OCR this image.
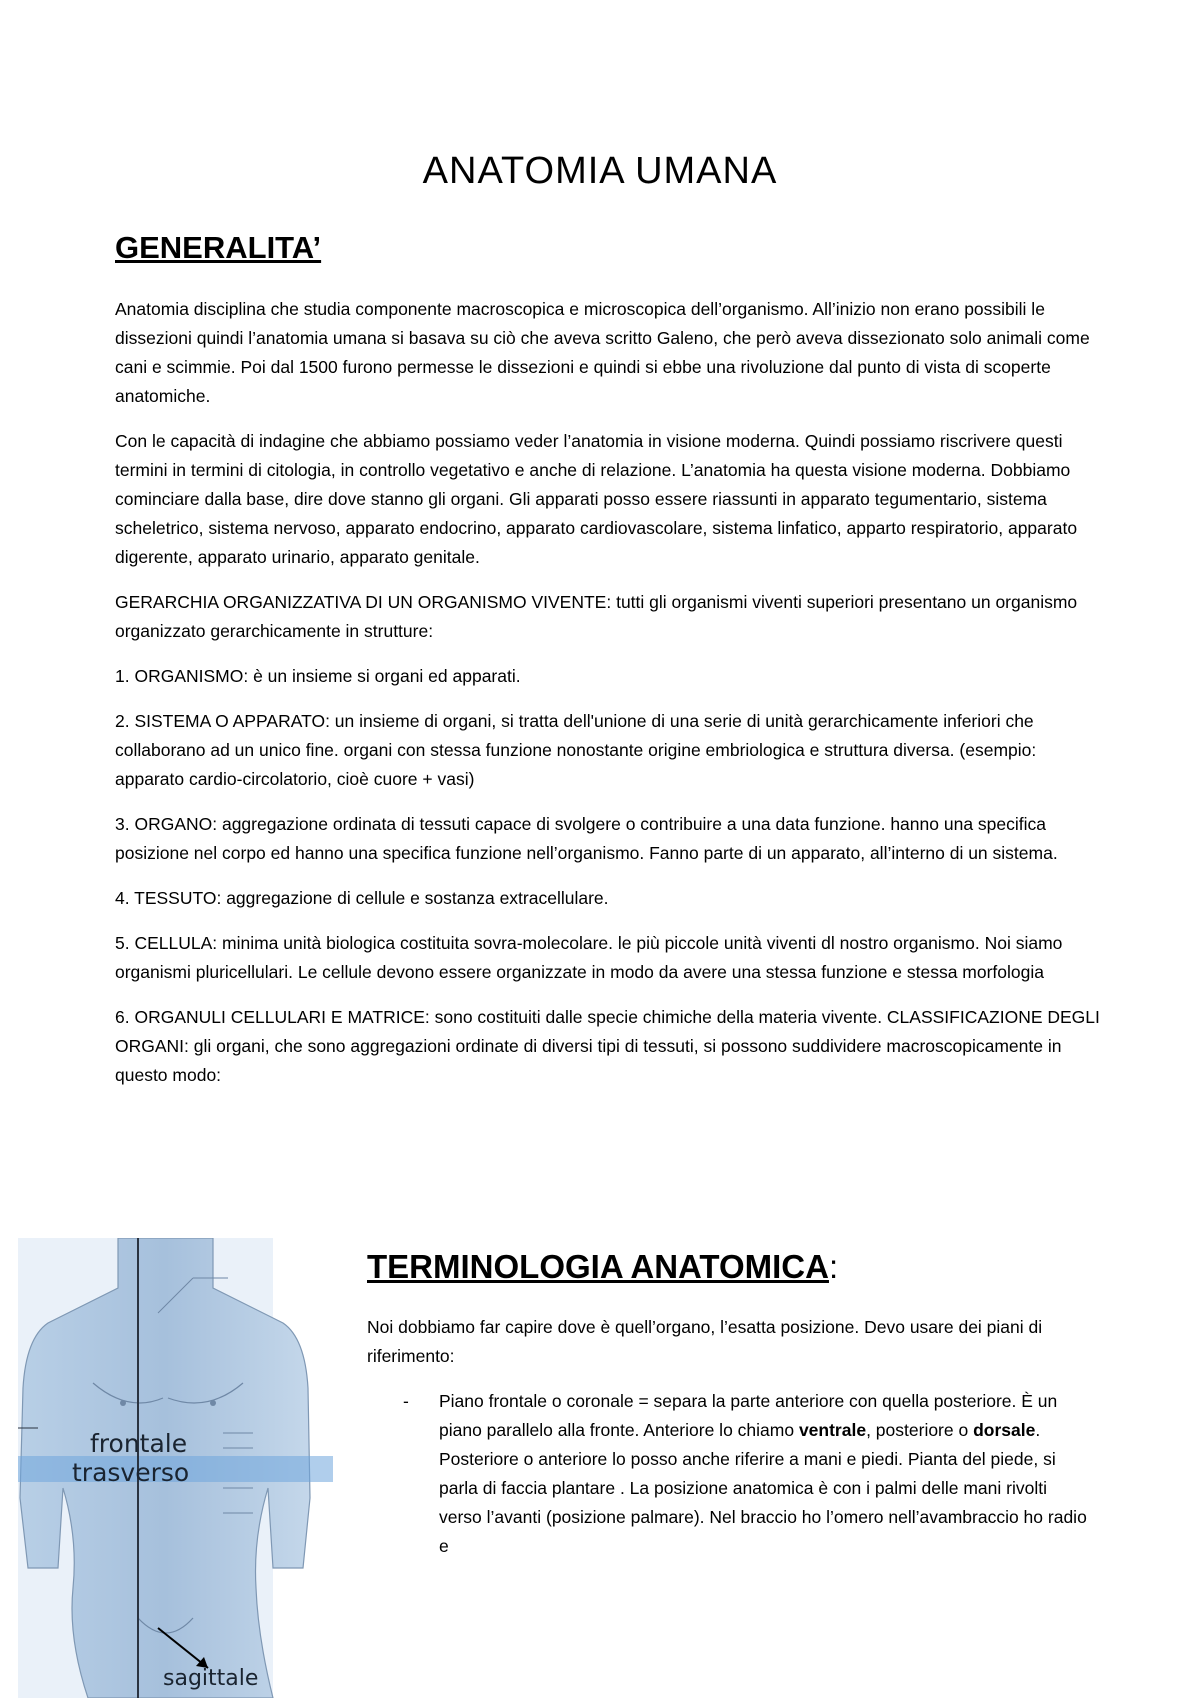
ANATOMIA UMANA
GENERALITA’

Anatomia disciplina che studia componente macroscopica e microscopica dell’organismo. All’inizio non erano possibili le dissezioni quindi l’anatomia umana si basava su ciò che aveva scritto Galeno, che però aveva dissezionato solo animali come cani e scimmie. Poi dal 1500 furono permesse le dissezioni e quindi si ebbe una rivoluzione dal punto di vista di scoperte anatomiche.

Con le capacità di indagine che abbiamo possiamo veder l’anatomia in visione moderna. Quindi possiamo riscrivere questi termini in termini di citologia, in controllo vegetativo e anche di relazione. L’anatomia ha questa visione moderna. Dobbiamo cominciare dalla base, dire dove stanno gli organi. Gli apparati posso essere riassunti in apparato tegumentario, sistema scheletrico, sistema nervoso, apparato endocrino, apparato cardiovascolare, sistema linfatico, apparto respiratorio, apparato digerente, apparato urinario, apparato genitale.

GERARCHIA ORGANIZZATIVA DI UN ORGANISMO VIVENTE: tutti gli organismi viventi superiori presentano un organismo organizzato gerarchicamente in strutture:

1. ORGANISMO: è un insieme si organi ed apparati.

2. SISTEMA O APPARATO: un insieme di organi, si tratta dell'unione di una serie di unità gerarchicamente inferiori che collaborano ad un unico fine. organi con stessa funzione nonostante origine embriologica e struttura diversa. (esempio: apparato cardio-circolatorio, cioè cuore + vasi)

3. ORGANO: aggregazione ordinata di tessuti capace di svolgere o contribuire a una data funzione. hanno una specifica posizione nel corpo ed hanno una specifica funzione nell’organismo. Fanno parte di un apparato, all’interno di un sistema.

4. TESSUTO: aggregazione di cellule e sostanza extracellulare.

5. CELLULA: minima unità biologica costituita sovra-molecolare. le più piccole unità viventi dl nostro organismo. Noi siamo organismi pluricellulari. Le cellule devono essere organizzate in modo da avere una stessa funzione e stessa morfologia

6. ORGANULI CELLULARI E MATRICE: sono costituiti dalle specie chimiche della materia vivente. CLASSIFICAZIONE DEGLI ORGANI: gli organi, che sono aggregazioni ordinate di diversi tipi di tessuti, si possono suddividere macroscopicamente in questo modo:

frontale
trasverso
sagittale
TERMINOLOGIA ANATOMICA:

Noi dobbiamo far capire dove è quell’organo, l’esatta posizione. Devo usare dei piani di riferimento:

- Piano frontale o coronale = separa la parte anteriore con quella posteriore. È un piano parallelo alla fronte. Anteriore lo chiamo ventrale, posteriore o dorsale. Posteriore o anteriore lo posso anche riferire a mani e piedi. Pianta del piede, si parla di faccia plantare . La posizione anatomica è con i palmi delle mani rivolti verso l’avanti (posizione palmare). Nel braccio ho l’omero nell’avambraccio ho radio e
